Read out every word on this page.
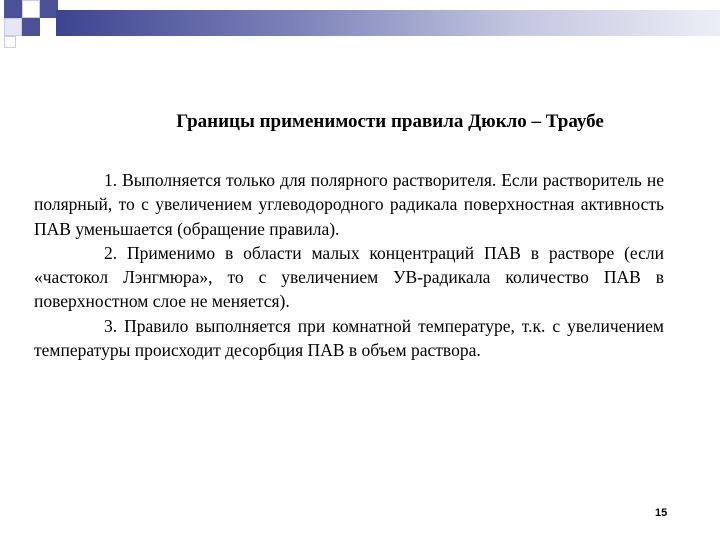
Границы применимости правила Дюкло – Траубе

1. Выполняется только для полярного растворителя. Если растворитель не полярный, то с увеличением углеводородного радикала поверхностная активность ПАВ уменьшается (обращение правила).

2. Применимо в области малых концентраций ПАВ в растворе (если «частокол Лэнгмюра», то с увеличением УВ-радикала количество ПАВ в поверхностном слое не меняется).

3. Правило выполняется при комнатной температуре, т.к. с увеличением температуры происходит десорбция ПАВ в объем раствора.

15
